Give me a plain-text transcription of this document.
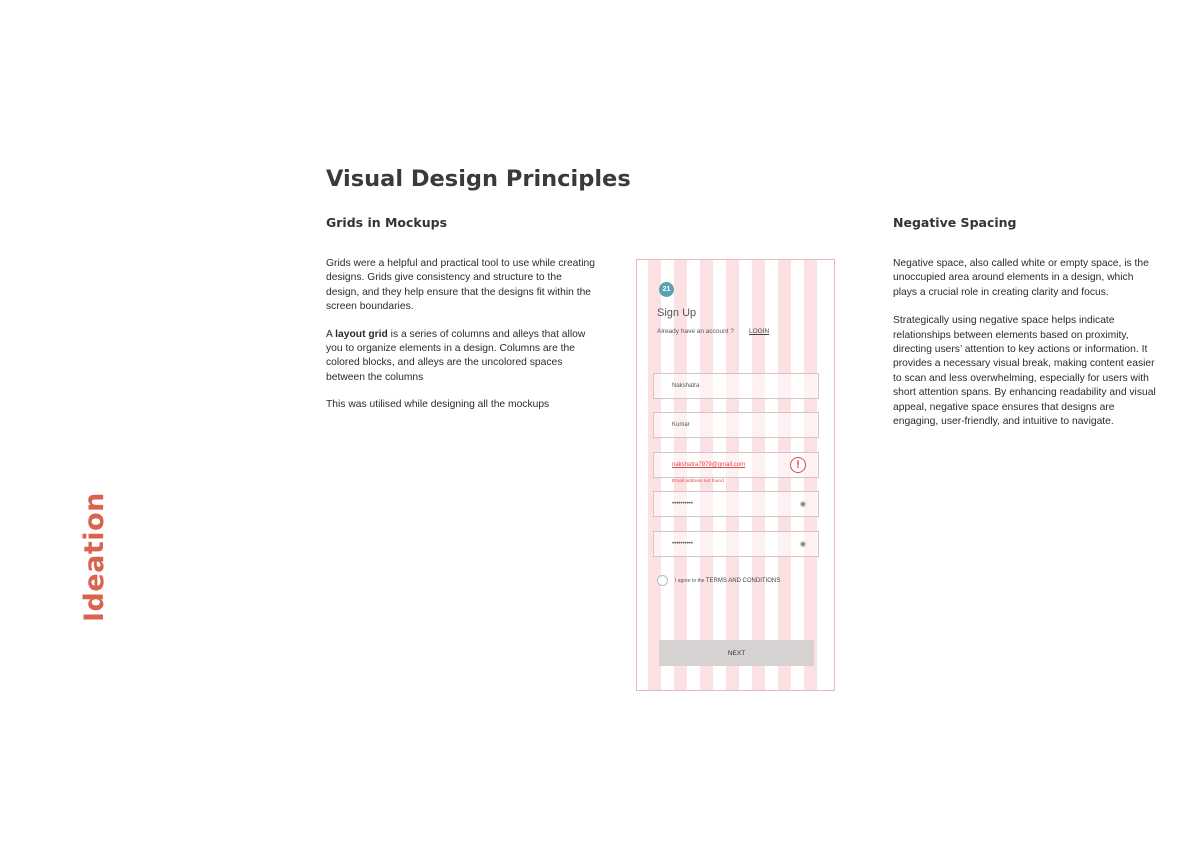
Ideation
Visual Design Principles
Grids in Mockups	Negative Spacing

Grids were a helpful and practical tool to use while creating designs. Grids give consistency and structure to the design, and they help ensure that the designs fit within the screen boundaries.

A layout grid is a series of columns and alleys that allow you to organize elements in a design. Columns are the colored blocks, and alleys are the uncolored spaces between the columns

This was utilised while designing all the mockups

Negative space, also called white or empty space, is the unoccupied area around elements in a design, which plays a crucial role in creating clarity and focus.

Strategically using negative space helps indicate relationships between elements based on proximity, directing users’ attention to key actions or information. It provides a necessary visual break, making content easier to scan and less overwhelming, especially for users with short attention spans. By enhancing readability and visual appeal, negative space ensures that designs are engaging, user-friendly, and intuitive to navigate.

21
Sign Up
Already have an account ? LOGIN
Nakshatra
Kumar
nakshatra7979@gmail.com	!
Email address not found
••••••••••	◉
••••••••••	◉
I agree to the TERMS AND CONDITIONS
NEXT
